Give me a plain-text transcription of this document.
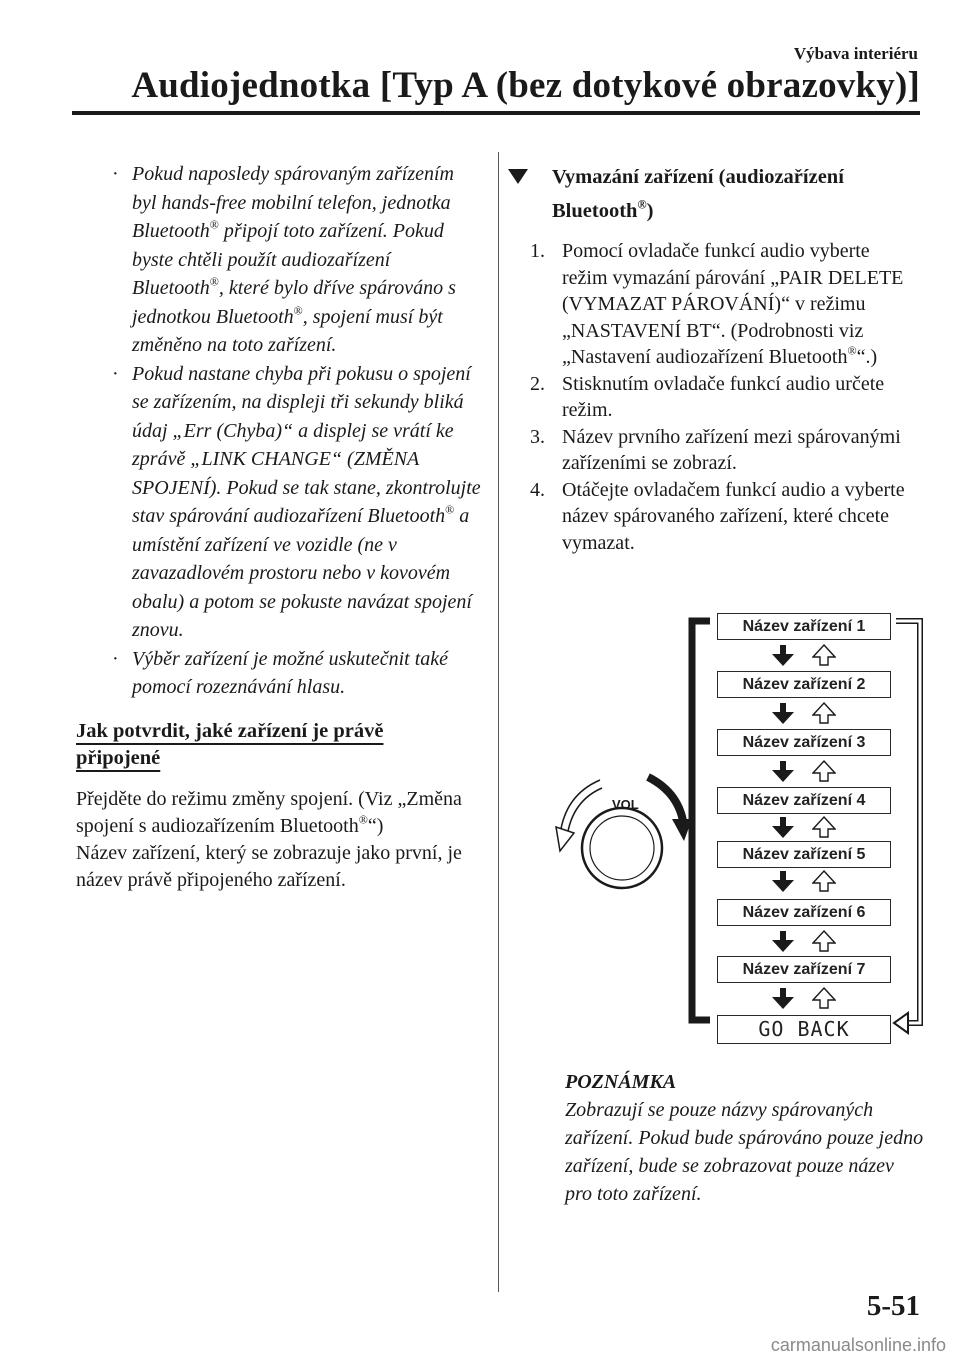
Výbava interiéru
Audiojednotka [Typ A (bez dotykové obrazovky)]
· Pokud naposledy spárovaným zařízením byl hands-free mobilní telefon, jednotka Bluetooth® připojí toto zařízení. Pokud byste chtěli použít audiozařízení Bluetooth®, které bylo dříve spárováno s jednotkou Bluetooth®, spojení musí být změněno na toto zařízení.
· Pokud nastane chyba při pokusu o spojení se zařízením, na displeji tři sekundy bliká údaj „Err (Chyba)“ a displej se vrátí ke zprávě „LINK CHANGE“ (ZMĚNA SPOJENÍ). Pokud se tak stane, zkontrolujte stav spárování audiozařízení Bluetooth® a umístění zařízení ve vozidle (ne v zavazadlovém prostoru nebo v kovovém obalu) a potom se pokuste navázat spojení znovu.
· Výběr zařízení je možné uskutečnit také pomocí rozeznávání hlasu.
Jak potvrdit, jaké zařízení je právě
připojené

Přejděte do režimu změny spojení. (Viz „Změna spojení s audiozařízením Bluetooth®“)

Název zařízení, který se zobrazuje jako první, je název právě připojeného zařízení.

Vymazání zařízení (audiozařízení Bluetooth®)
1. Pomocí ovladače funkcí audio vyberte režim vymazání párování „PAIR DELETE (VYMAZAT PÁROVÁNÍ)“ v režimu „NASTAVENÍ BT“. (Podrobnosti viz „Nastavení audiozařízení Bluetooth®“.)
2. Stisknutím ovladače funkcí audio určete režim.
3. Název prvního zařízení mezi spárovanými zařízeními se zobrazí.
4. Otáčejte ovladačem funkcí audio a vyberte název spárovaného zařízení, které chcete vymazat.
VOL
Název zařízení 1
Název zařízení 2
Název zařízení 3
Název zařízení 4
Název zařízení 5
Název zařízení 6
Název zařízení 7
GO BACK
POZNÁMKA
Zobrazují se pouze názvy spárovaných zařízení. Pokud bude spárováno pouze jedno zařízení, bude se zobrazovat pouze název pro toto zařízení.
5-51
carmanualsonline.info
